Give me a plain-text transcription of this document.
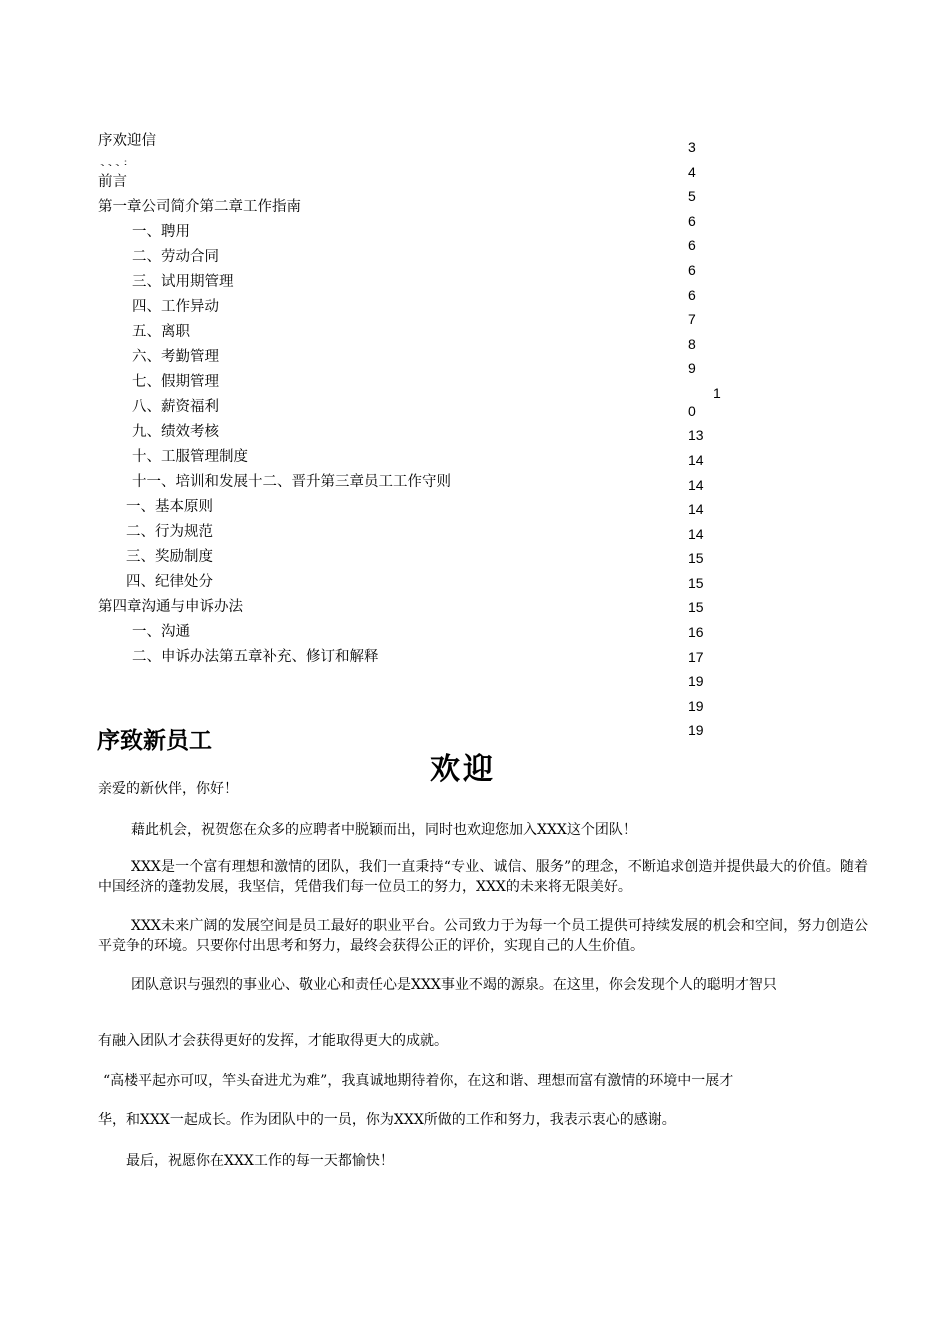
序欢迎信
、、、：
前言
第一章公司简介第二章工作指南
一、聘用
二、劳动合同
三、试用期管理
四、工作异动
五、离职
六、考勤管理
七、假期管理
八、薪资福利
九、绩效考核
十、工服管理制度
十一、培训和发展十二、晋升第三章员工工作守则
一、基本原则
二、行为规范
三、奖励制度
四、纪律处分
第四章沟通与申诉办法
一、沟通
二、申诉办法第五章补充、修订和解释
3
4
5
6
6
6
6
7
8
9
1
0
13
14
14
14
14
15
15
15
16
17
19
19
19
序致新员工
欢迎
亲爱的新伙伴，你好！
藉此机会，祝贺您在众多的应聘者中脱颖而出，同时也欢迎您加入XXX这个团队！
XXX是一个富有理想和激情的团队，我们一直秉持“专业、诚信、服务”的理念，不断追求创造并提供最大的价值。随着中国经济的蓬勃发展，我坚信，凭借我们每一位员工的努力，XXX的未来将无限美好。
XXX未来广阔的发展空间是员工最好的职业平台。公司致力于为每一个员工提供可持续发展的机会和空间，努力创造公平竞争的环境。只要你付出思考和努力，最终会获得公正的评价，实现自己的人生价值。
团队意识与强烈的事业心、敬业心和责任心是XXX事业不竭的源泉。在这里，你会发现个人的聪明才智只
有融入团队才会获得更好的发挥，才能取得更大的成就。
“高楼平起亦可叹，竿头奋进尤为难”，我真诚地期待着你，在这和谐、理想而富有激情的环境中一展才
华，和XXX一起成长。作为团队中的一员，你为XXX所做的工作和努力，我表示衷心的感谢。
最后，祝愿你在XXX工作的每一天都愉快！
